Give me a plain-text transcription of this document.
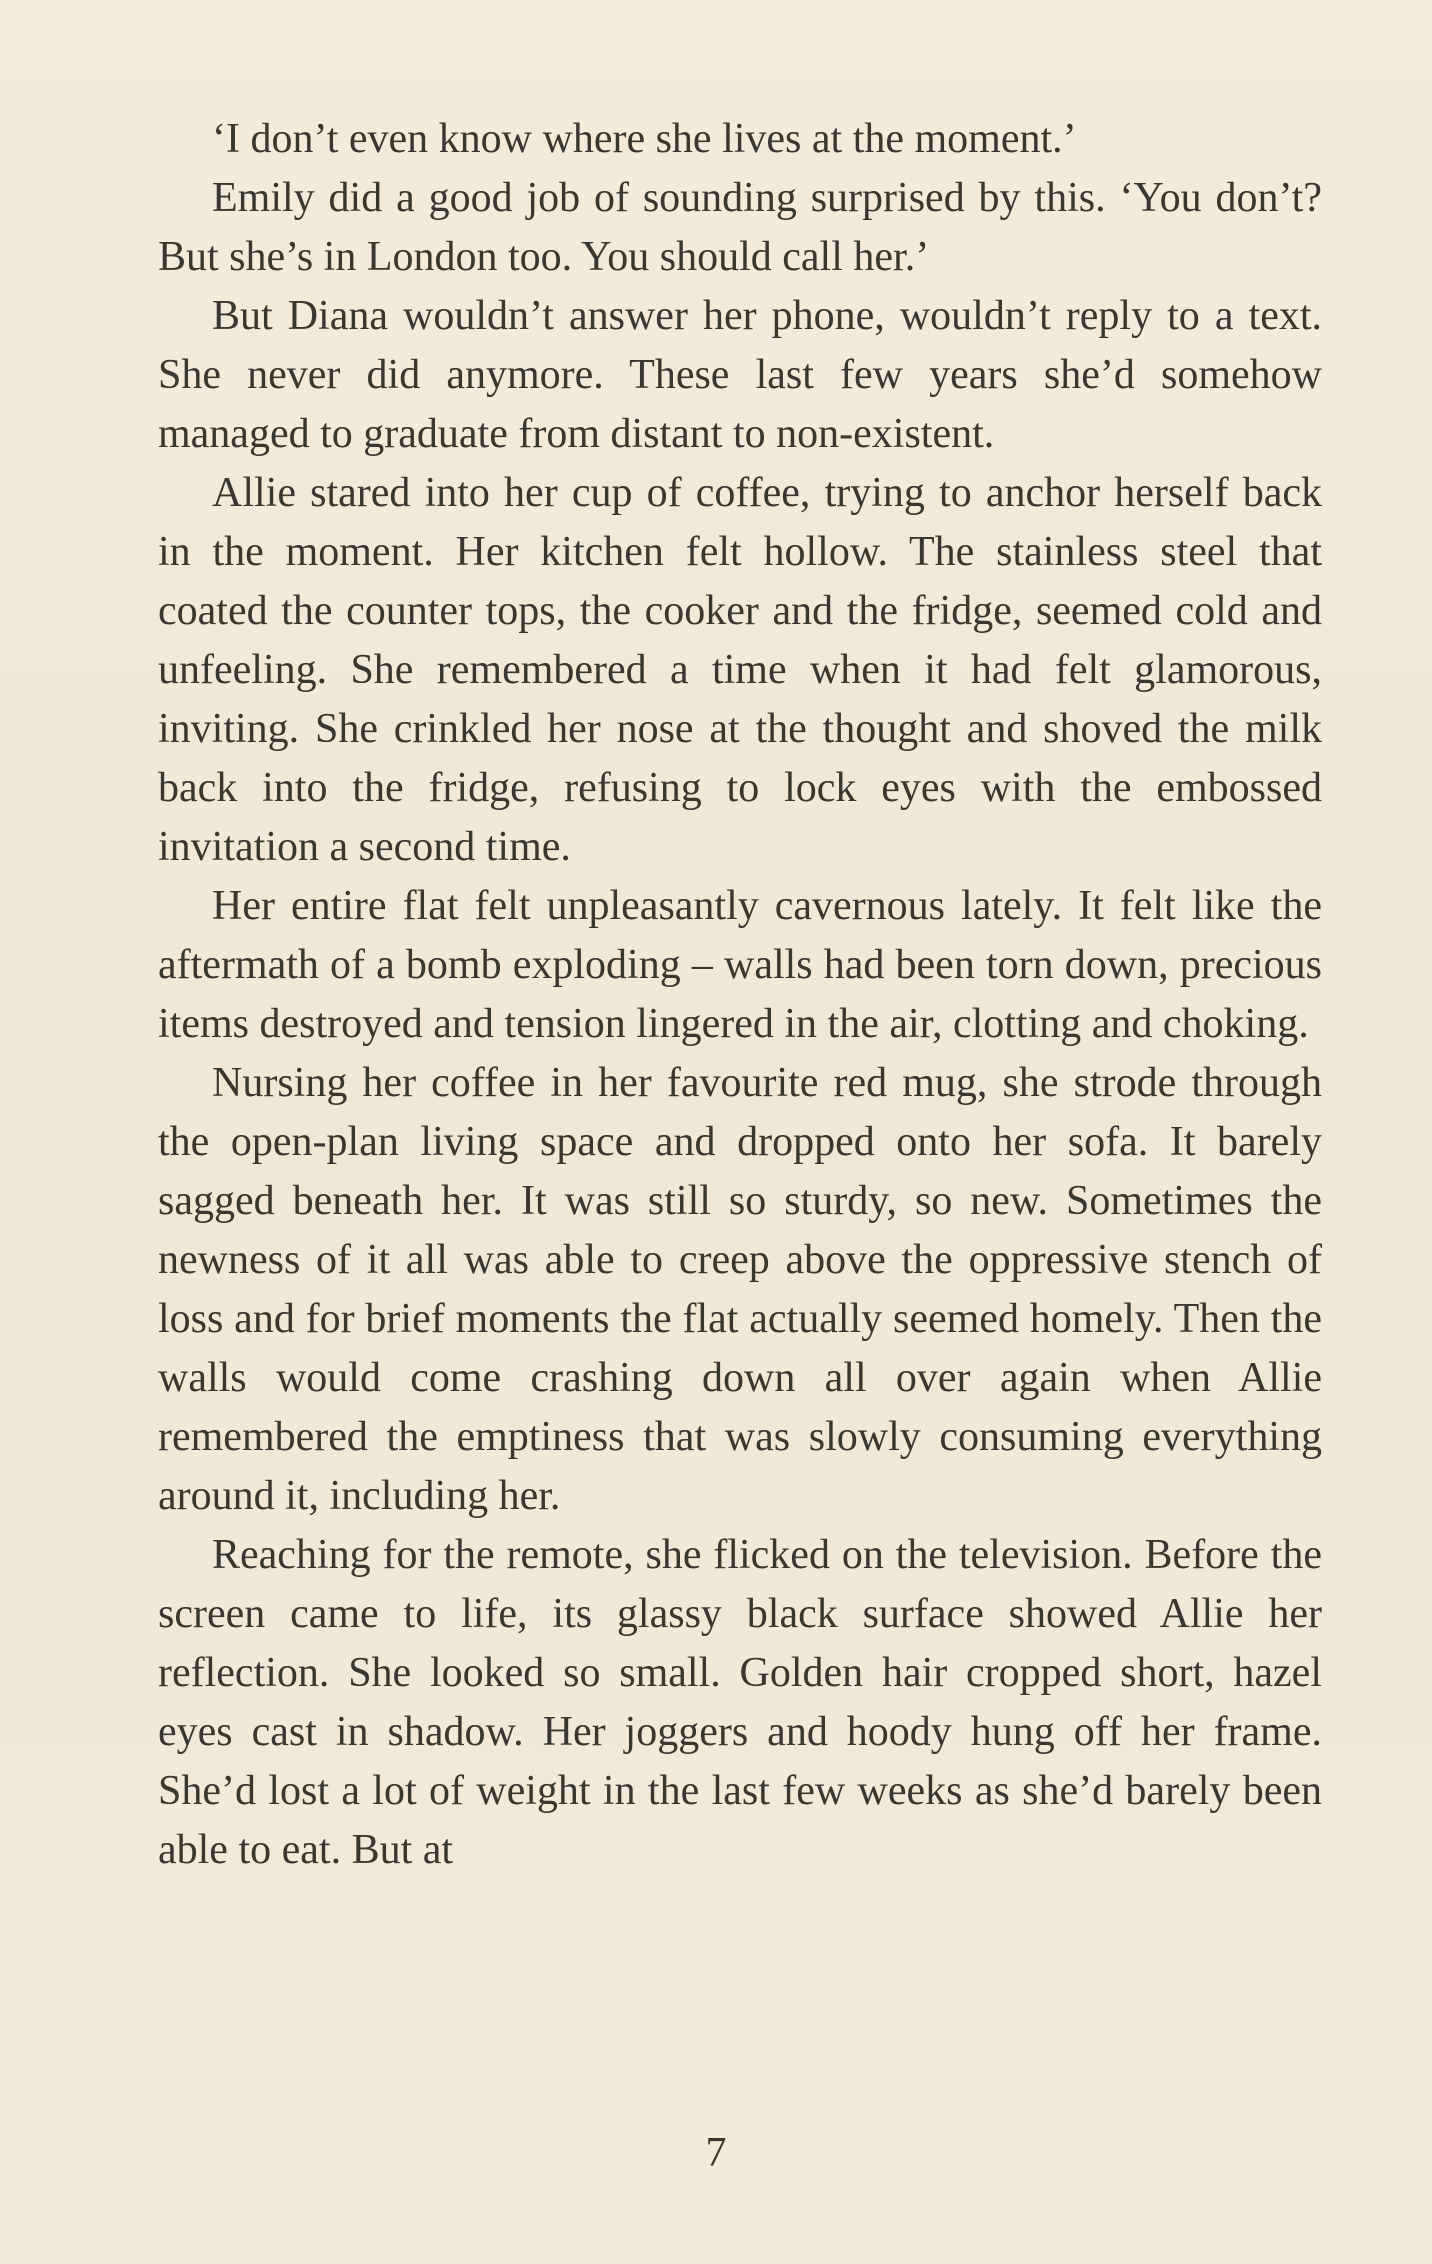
‘I don’t even know where she lives at the moment.’

Emily did a good job of sounding surprised by this. ‘You don’t? But she’s in London too. You should call her.’

But Diana wouldn’t answer her phone, wouldn’t reply to a text. She never did anymore. These last few years she’d somehow managed to graduate from distant to non-existent.

Allie stared into her cup of coffee, trying to anchor herself back in the moment. Her kitchen felt hollow. The stainless steel that coated the counter tops, the cooker and the fridge, seemed cold and unfeeling. She remembered a time when it had felt glamorous, inviting. She crinkled her nose at the thought and shoved the milk back into the fridge, refusing to lock eyes with the embossed invitation a second time.

Her entire flat felt unpleasantly cavernous lately. It felt like the aftermath of a bomb exploding – walls had been torn down, precious items destroyed and tension lingered in the air, clotting and choking.

Nursing her coffee in her favourite red mug, she strode through the open-plan living space and dropped onto her sofa. It barely sagged beneath her. It was still so sturdy, so new. Sometimes the newness of it all was able to creep above the oppressive stench of loss and for brief moments the flat actually seemed homely. Then the walls would come crashing down all over again when Allie remembered the emptiness that was slowly consuming everything around it, including her.

Reaching for the remote, she flicked on the television. Before the screen came to life, its glassy black surface showed Allie her reflection. She looked so small. Golden hair cropped short, hazel eyes cast in shadow. Her joggers and hoody hung off her frame. She’d lost a lot of weight in the last few weeks as she’d barely been able to eat. But at

7
